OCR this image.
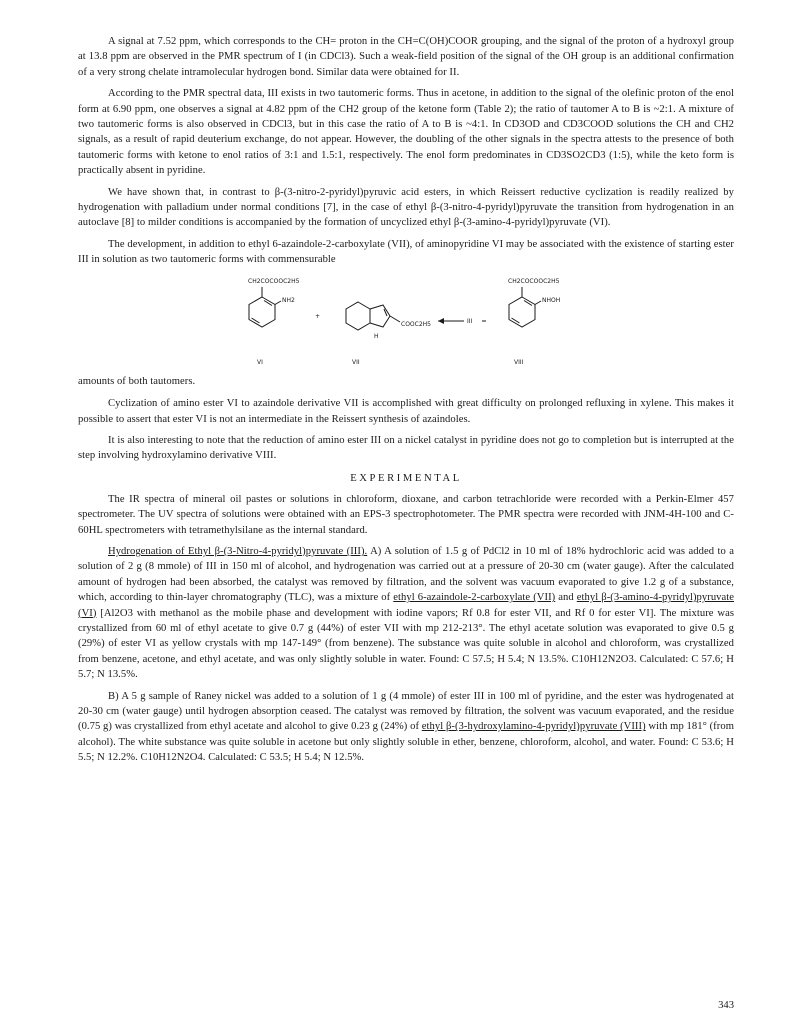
A signal at 7.52 ppm, which corresponds to the CH= proton in the CH=C(OH)COOR grouping, and the signal of the proton of a hydroxyl group at 13.8 ppm are observed in the PMR spectrum of I (in CDCl3). Such a weak-field position of the signal of the OH group is an additional confirmation of a very strong chelate intramolecular hydrogen bond. Similar data were obtained for II.

According to the PMR spectral data, III exists in two tautomeric forms. Thus in acetone, in addition to the signal of the olefinic proton of the enol form at 6.90 ppm, one observes a signal at 4.82 ppm of the CH2 group of the ketone form (Table 2); the ratio of tautomer A to B is ~2:1. A mixture of two tautomeric forms is also observed in CDCl3, but in this case the ratio of A to B is ~4:1. In CD3OD and CD3COOD solutions the CH and CH2 signals, as a result of rapid deuterium exchange, do not appear. However, the doubling of the other signals in the spectra attests to the presence of both tautomeric forms with ketone to enol ratios of 3:1 and 1.5:1, respectively. The enol form predominates in CD3SO2CD3 (1:5), while the keto form is practically absent in pyridine.

We have shown that, in contrast to β-(3-nitro-2-pyridyl)pyruvic acid esters, in which Reissert reductive cyclization is readily realized by hydrogenation with palladium under normal conditions [7], in the case of ethyl β-(3-nitro-4-pyridyl)pyruvate the transition from hydrogenation in an autoclave [8] to milder conditions is accompanied by the formation of uncyclized ethyl β-(3-amino-4-pyridyl)pyruvate (VI).

The development, in addition to ethyl 6-azaindole-2-carboxylate (VII), of aminopyridine VI may be associated with the existence of starting ester III in solution as two tautomeric forms with commensurable

CH2COCOOC2H5
NH2
VI
+
COOC2H5
H
VII
III
CH2COCOOC2H5
NHOH
VIII

amounts of both tautomers.

Cyclization of amino ester VI to azaindole derivative VII is accomplished with great difficulty on prolonged refluxing in xylene. This makes it possible to assert that ester VI is not an intermediate in the Reissert synthesis of azaindoles.

It is also interesting to note that the reduction of amino ester III on a nickel catalyst in pyridine does not go to completion but is interrupted at the step involving hydroxylamino derivative VIII.

EXPERIMENTAL

The IR spectra of mineral oil pastes or solutions in chloroform, dioxane, and carbon tetrachloride were recorded with a Perkin-Elmer 457 spectrometer. The UV spectra of solutions were obtained with an EPS-3 spectrophotometer. The PMR spectra were recorded with JNM-4H-100 and C-60HL spectrometers with tetramethylsilane as the internal standard.

Hydrogenation of Ethyl β-(3-Nitro-4-pyridyl)pyruvate (III). A) A solution of 1.5 g of PdCl2 in 10 ml of 18% hydrochloric acid was added to a solution of 2 g (8 mmole) of III in 150 ml of alcohol, and hydrogenation was carried out at a pressure of 20-30 cm (water gauge). After the calculated amount of hydrogen had been absorbed, the catalyst was removed by filtration, and the solvent was vacuum evaporated to give 1.2 g of a substance, which, according to thin-layer chromatography (TLC), was a mixture of ethyl 6-azaindole-2-carboxylate (VII) and ethyl β-(3-amino-4-pyridyl)pyruvate (VI) [Al2O3 with methanol as the mobile phase and development with iodine vapors; Rf 0.8 for ester VII, and Rf 0 for ester VI]. The mixture was crystallized from 60 ml of ethyl acetate to give 0.7 g (44%) of ester VII with mp 212-213°. The ethyl acetate solution was evaporated to give 0.5 g (29%) of ester VI as yellow crystals with mp 147-149° (from benzene). The substance was quite soluble in alcohol and chloroform, was crystallized from benzene, acetone, and ethyl acetate, and was only slightly soluble in water. Found: C 57.5; H 5.4; N 13.5%. C10H12N2O3. Calculated: C 57.6; H 5.7; N 13.5%.

B) A 5 g sample of Raney nickel was added to a solution of 1 g (4 mmole) of ester III in 100 ml of pyridine, and the ester was hydrogenated at 20-30 cm (water gauge) until hydrogen absorption ceased. The catalyst was removed by filtration, the solvent was vacuum evaporated, and the residue (0.75 g) was crystallized from ethyl acetate and alcohol to give 0.23 g (24%) of ethyl β-(3-hydroxylamino-4-pyridyl)pyruvate (VIII) with mp 181° (from alcohol). The white substance was quite soluble in acetone but only slightly soluble in ether, benzene, chloroform, alcohol, and water. Found: C 53.6; H 5.5; N 12.2%. C10H12N2O4. Calculated: C 53.5; H 5.4; N 12.5%.

343
